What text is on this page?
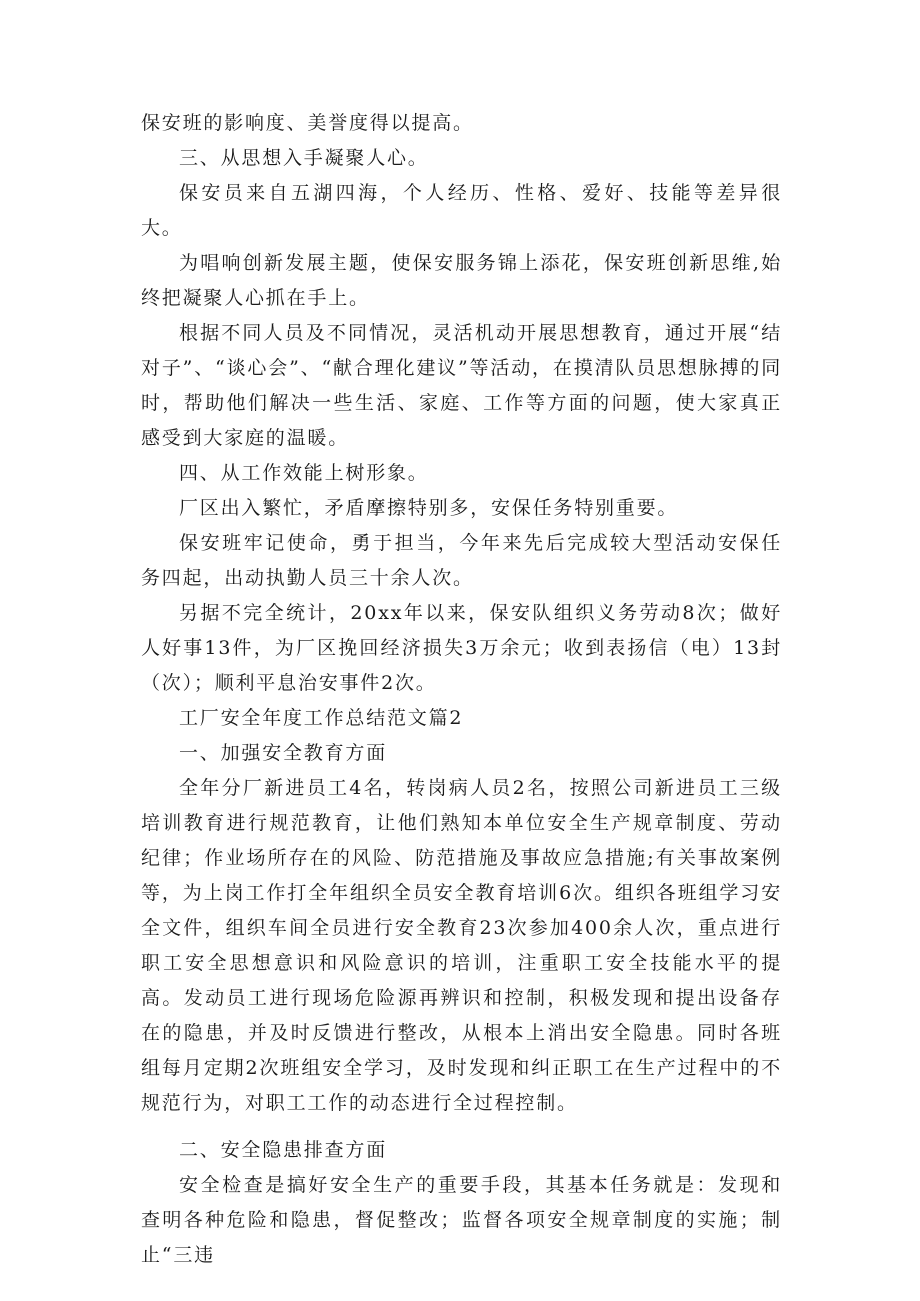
保安班的影响度、美誉度得以提高。

三、从思想入手凝聚人心。

保安员来自五湖四海，个人经历、性格、爱好、技能等差异很大。

为唱响创新发展主题，使保安服务锦上添花，保安班创新思维,始终把凝聚人心抓在手上。

根据不同人员及不同情况，灵活机动开展思想教育，通过开展“结对子”、“谈心会”、“献合理化建议”等活动，在摸清队员思想脉搏的同时，帮助他们解决一些生活、家庭、工作等方面的问题，使大家真正感受到大家庭的温暖。

四、从工作效能上树形象。

厂区出入繁忙，矛盾摩擦特别多，安保任务特别重要。

保安班牢记使命，勇于担当，今年来先后完成较大型活动安保任务四起，出动执勤人员三十余人次。

另据不完全统计，20xx年以来，保安队组织义务劳动8次；做好人好事13件，为厂区挽回经济损失3万余元；收到表扬信（电）13封（次）；顺利平息治安事件2次。

工厂安全年度工作总结范文篇2

一、加强安全教育方面

全年分厂新进员工4名，转岗病人员2名，按照公司新进员工三级培训教育进行规范教育，让他们熟知本单位安全生产规章制度、劳动纪律；作业场所存在的风险、防范措施及事故应急措施;有关事故案例等，为上岗工作打全年组织全员安全教育培训6次。组织各班组学习安全文件，组织车间全员进行安全教育23次参加400余人次，重点进行职工安全思想意识和风险意识的培训，注重职工安全技能水平的提高。发动员工进行现场危险源再辨识和控制，积极发现和提出设备存在的隐患，并及时反馈进行整改，从根本上消出安全隐患。同时各班组每月定期2次班组安全学习，及时发现和纠正职工在生产过程中的不规范行为，对职工工作的动态进行全过程控制。

二、安全隐患排查方面

安全检查是搞好安全生产的重要手段，其基本任务就是：发现和查明各种危险和隐患，督促整改；监督各项安全规章制度的实施；制止“三违
